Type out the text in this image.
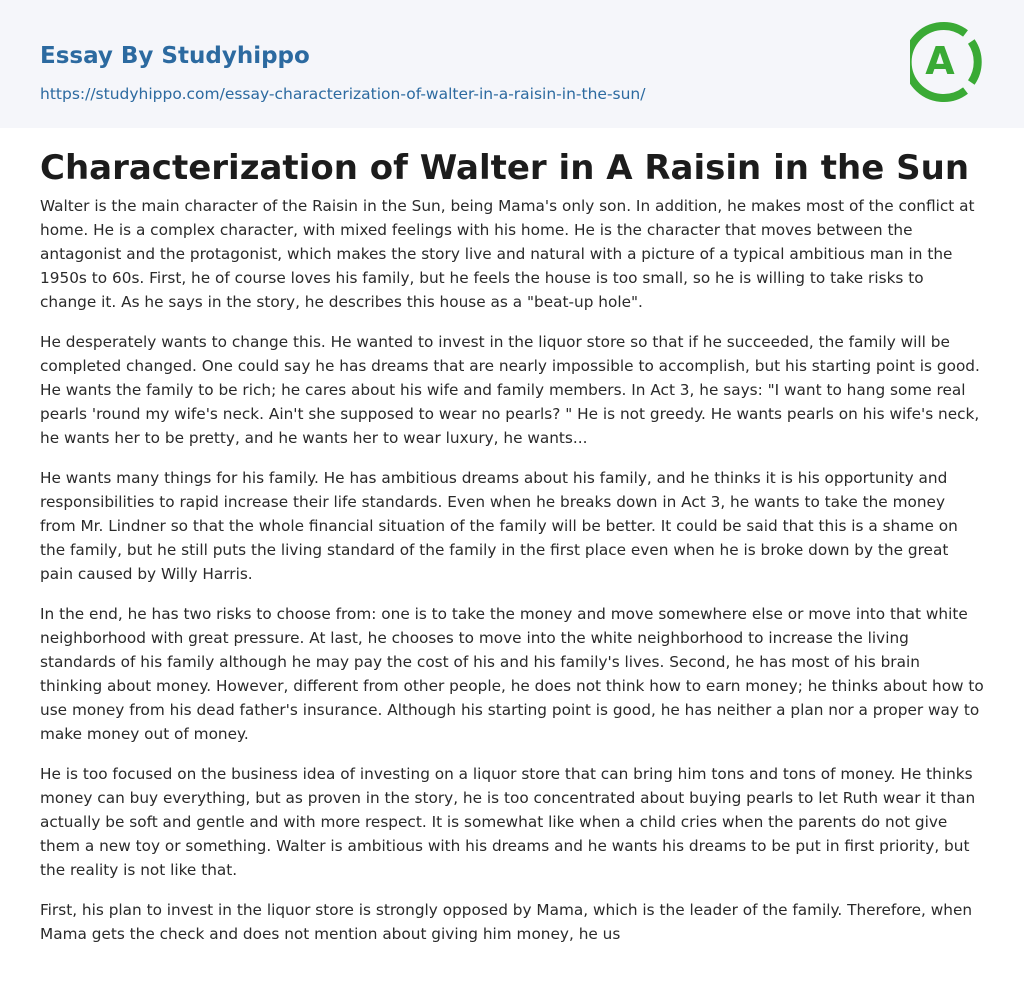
Essay By Studyhippo
https://studyhippo.com/essay-characterization-of-walter-in-a-raisin-in-the-sun/
A
Characterization of Walter in A Raisin in the Sun

Walter is the main character of the Raisin in the Sun, being Mama's only son. In addition, he makes most of the conflict at home. He is a complex character, with mixed feelings with his home. He is the character that moves between the antagonist and the protagonist, which makes the story live and natural with a picture of a typical ambitious man in the 1950s to 60s. First, he of course loves his family, but he feels the house is too small, so he is willing to take risks to change it. As he says in the story, he describes this house as a "beat-up hole".

He desperately wants to change this. He wanted to invest in the liquor store so that if he succeeded, the family will be completed changed. One could say he has dreams that are nearly impossible to accomplish, but his starting point is good. He wants the family to be rich; he cares about his wife and family members. In Act 3, he says: "I want to hang some real pearls 'round my wife's neck. Ain't she supposed to wear no pearls? " He is not greedy. He wants pearls on his wife's neck, he wants her to be pretty, and he wants her to wear luxury, he wants...

He wants many things for his family. He has ambitious dreams about his family, and he thinks it is his opportunity and responsibilities to rapid increase their life standards. Even when he breaks down in Act 3, he wants to take the money from Mr. Lindner so that the whole financial situation of the family will be better. It could be said that this is a shame on the family, but he still puts the living standard of the family in the first place even when he is broke down by the great pain caused by Willy Harris.

In the end, he has two risks to choose from: one is to take the money and move somewhere else or move into that white neighborhood with great pressure. At last, he chooses to move into the white neighborhood to increase the living standards of his family although he may pay the cost of his and his family's lives. Second, he has most of his brain thinking about money. However, different from other people, he does not think how to earn money; he thinks about how to use money from his dead father's insurance. Although his starting point is good, he has neither a plan nor a proper way to make money out of money.

He is too focused on the business idea of investing on a liquor store that can bring him tons and tons of money. He thinks money can buy everything, but as proven in the story, he is too concentrated about buying pearls to let Ruth wear it than actually be soft and gentle and with more respect. It is somewhat like when a child cries when the parents do not give them a new toy or something. Walter is ambitious with his dreams and he wants his dreams to be put in first priority, but the reality is not like that.

First, his plan to invest in the liquor store is strongly opposed by Mama, which is the leader of the family. Therefore, when Mama gets the check and does not mention about giving him money, he us
